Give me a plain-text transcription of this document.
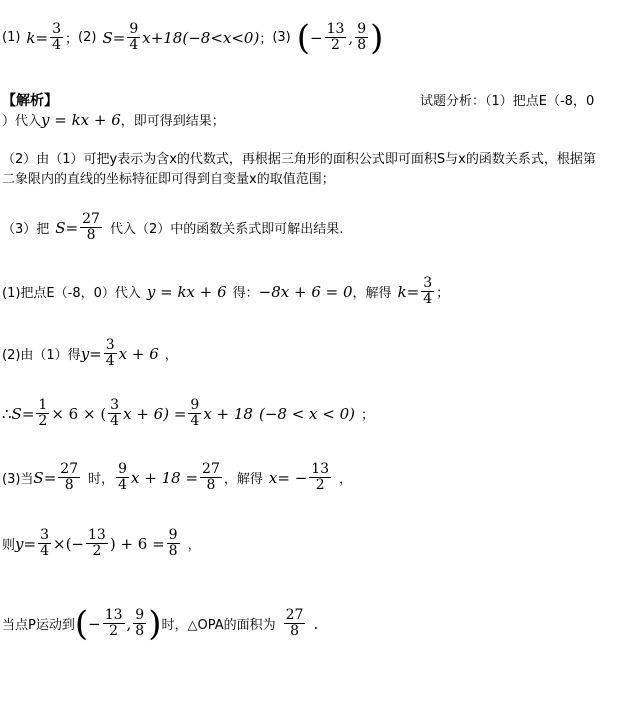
(1) $k = \frac{3}{4}$ ； (2) $S = \frac{9}{4} x+18(-8<x<0)$ ； (3) ( − $\frac{13}{2}$ , $\frac{9}{8}$ )
【解析】	试题分析：（1）把点E（-8，0
）代入 y = kx + 6 ，即可得到结果；
（2）由（1）可把y表示为含x的代数式，再根据三角形的面积公式即可面积S与x的函数关系式，根据第
二象限内的直线的坐标特征即可得到自变量x的取值范围；
（3）把 $S = \frac{27}{8}$ 代入（2）中的函数关系式即可解出结果.
(1)把点E（-8，0）代入 y = kx + 6 得： −8x + 6 = 0 ，解得 $k = \frac{3}{4}$ ；
(2)由（1）得 $y = \frac{3}{4}$ x + 6 ，
∴ $S = \frac{1}{2} \times 6$ × ( $\frac{3}{4}$ $x + 6) = \frac{9}{4}$ x + 18 (−8 < x < 0) ；
(3)当 $S = \frac{27}{8}$ 时， $\frac{9}{4}$ $x + 18 = \frac{27}{8}$ ，解得 x = − $\frac{13}{2}$ ，
则 $y = \frac{3}{4}$ ×(− $\frac{13}{2}$ ) + $6 = \frac{9}{8}$ ，
当点P运动到 ( − $\frac{13}{2}$ , $\frac{9}{8}$ ) 时，△OPA的面积为 $\frac{27}{8}$ .
